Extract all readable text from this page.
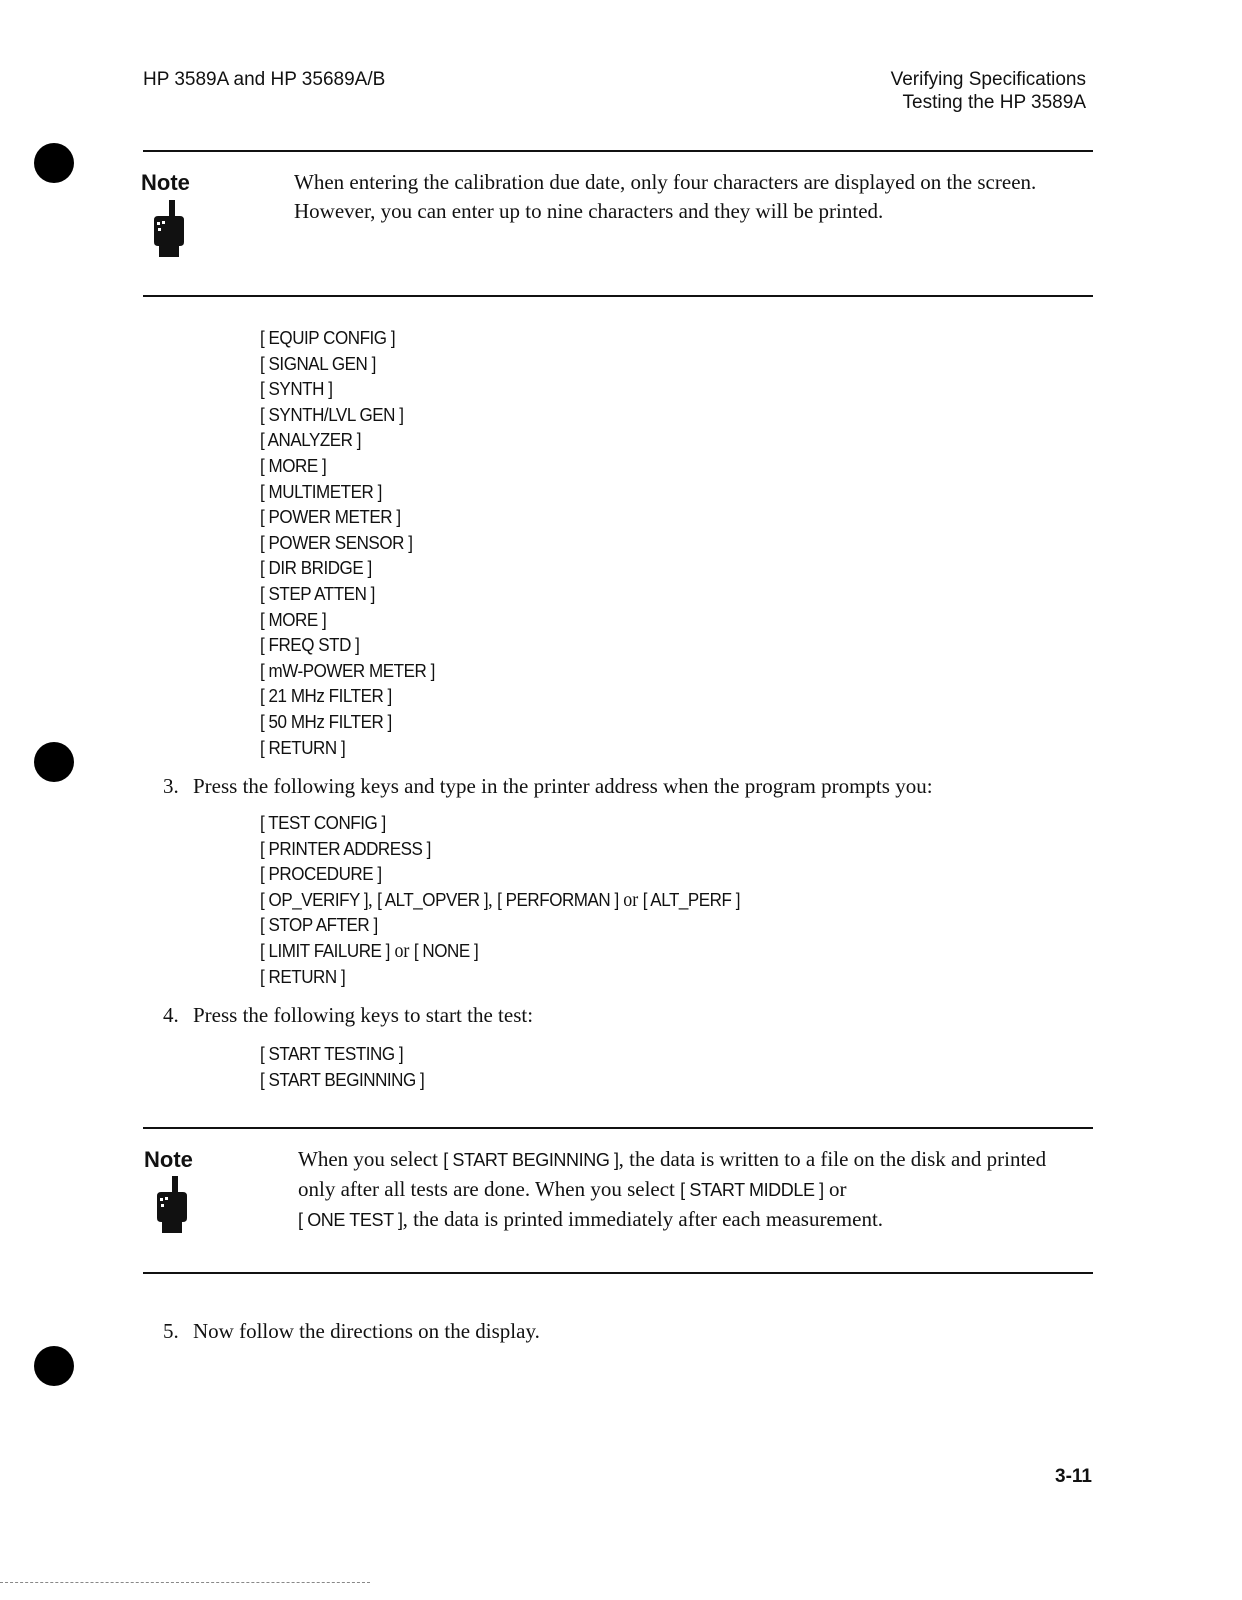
HP 3589A and HP 35689A/B	Verifying Specifications
Testing the HP 3589A
Note	When entering the calibration due date, only four characters are displayed on the screen. However, you can enter up to nine characters and they will be printed.
[ EQUIP CONFIG ]
[ SIGNAL GEN ]
[ SYNTH ]
[ SYNTH/LVL GEN ]
[ ANALYZER ]
[ MORE ]
[ MULTIMETER ]
[ POWER METER ]
[ POWER SENSOR ]
[ DIR BRIDGE ]
[ STEP ATTEN ]
[ MORE ]
[ FREQ STD ]
[ mW-POWER METER ]
[ 21 MHz FILTER ]
[ 50 MHz FILTER ]
[ RETURN ]
3. Press the following keys and type in the printer address when the program prompts you:
[ TEST CONFIG ]
[ PRINTER ADDRESS ]
[ PROCEDURE ]
[ OP_VERIFY ], [ ALT_OPVER ], [ PERFORMAN ] or [ ALT_PERF ]
[ STOP AFTER ]
[ LIMIT FAILURE ] or [ NONE ]
[ RETURN ]
4. Press the following keys to start the test:
[ START TESTING ]
[ START BEGINNING ]
Note	When you select [ START BEGINNING ], the data is written to a file on the disk and printed only after all tests are done. When you select [ START MIDDLE ] or
[ ONE TEST ], the data is printed immediately after each measurement.
5. Now follow the directions on the display.
3-11
